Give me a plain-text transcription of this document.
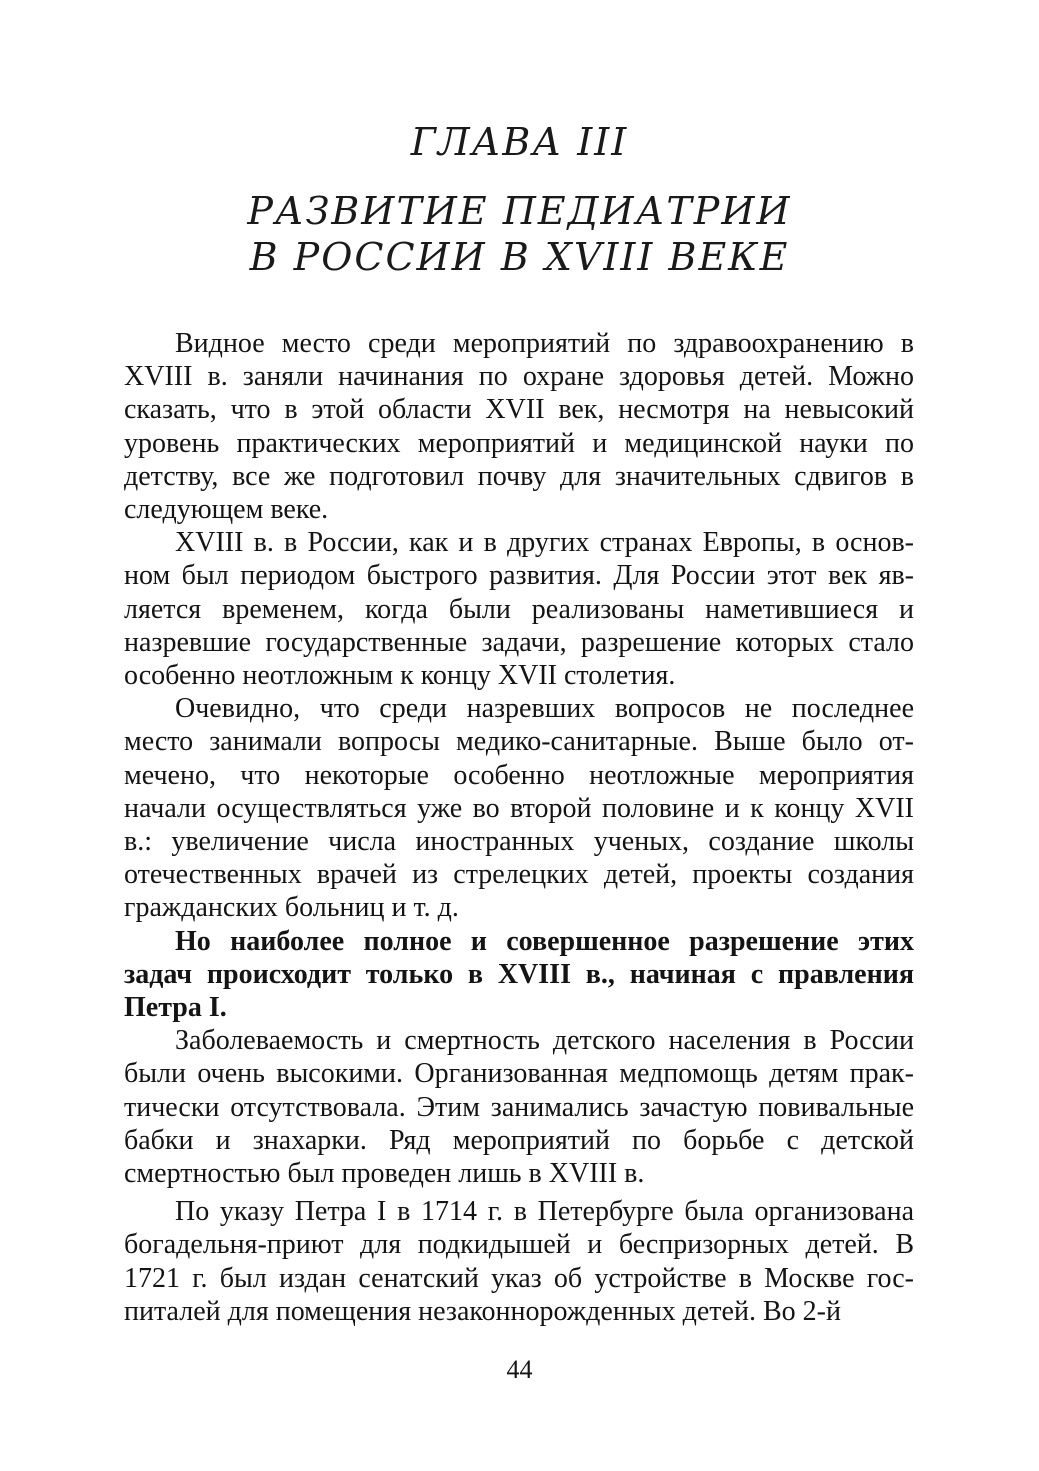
ГЛАВА III
РАЗВИТИЕ ПЕДИАТРИИ
В РОССИИ В XVIII ВЕКЕ

Видное место среди мероприятий по здравоохранению в XVIII в. заняли начинания по охране здоровья детей. Можно сказать, что в этой области XVII век, несмотря на невысокий уровень практических мероприятий и медицинской науки по детству, все же подготовил почву для значительных сдвигов в следующем веке.

XVIII в. в России, как и в других странах Европы, в основном был периодом быстрого развития. Для России этот век является временем, когда были реализованы наметившиеся и назревшие государственные задачи, разрешение которых стало особенно неотложным к концу XVII столетия.

Очевидно, что среди назревших вопросов не последнее место занимали вопросы медико-санитарные. Выше было отмечено, что некоторые особенно неотложные мероприятия начали осуществляться уже во второй половине и к концу XVII в.: увеличение числа иностранных ученых, создание школы отечественных врачей из стрелецких детей, проекты создания гражданских больниц и т. д.

Но наиболее полное и совершенное разрешение этих задач происходит только в XVIII в., начиная с правления Петра I.

Заболеваемость и смертность детского населения в России были очень высокими. Организованная медпомощь детям практически отсутствовала. Этим занимались зачастую повивальные бабки и знахарки. Ряд мероприятий по борьбе с детской смертностью был проведен лишь в XVIII в.

По указу Петра I в 1714 г. в Петербурге была организована богадельня-приют для подкидышей и беспризорных детей. В 1721 г. был издан сенатский указ об устройстве в Москве госпиталей для помещения незаконнорожденных детей. Во 2-й

44
